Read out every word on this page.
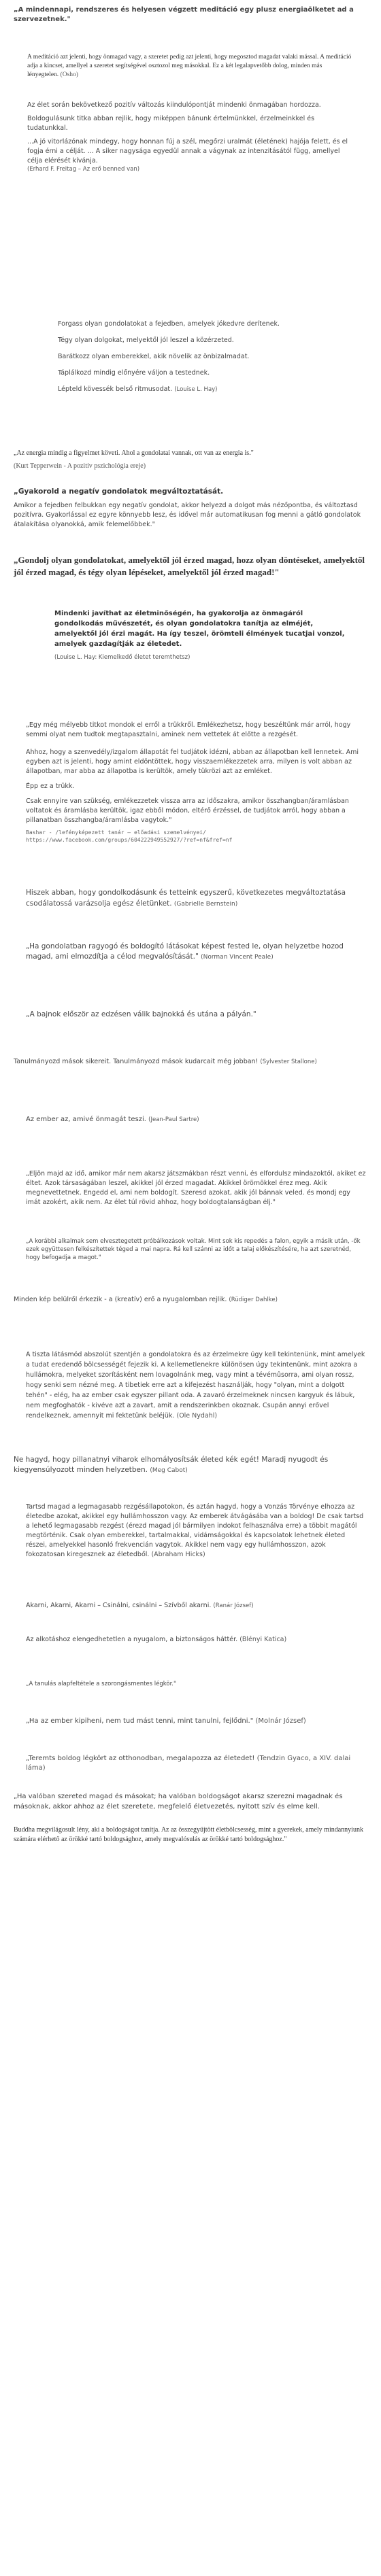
„A mindennapi, rendszeres és helyesen végzett meditáció egy plusz energiaölketet ad a szervezetnek."

A meditáció azt jelenti, hogy önmagad vagy, a szeretet pedig azt jelenti, hogy megosztod magadat valaki mással. A meditáció adja a kincset, amellyel a szeretet segítségével osztozol meg másokkal. Ez a két legalapvetőbb dolog, minden más lényegtelen. (Osho)

Az élet során bekövetkező pozitív változás kiindulópontját mindenki önmagában hordozza.

Boldogulásunk titka abban rejlik, hogy miképpen bánunk értelmünkkel, érzelmeinkkel és tudatunkkal.

...A jó vitorlázónak mindegy, hogy honnan fúj a szél, megőrzi uralmát (életének) hajója felett, és el fogja érni a célját. ... A siker nagysága egyedül annak a vágynak az intenzitásától függ, amellyel célja elérését kívánja.

(Erhard F. Freitag – Az erő benned van)

Forgass olyan gondolatokat a fejedben, amelyek jókedvre derítenek.

Tégy olyan dolgokat, melyektől jól leszel a közérzeted.

Barátkozz olyan emberekkel, akik növelik az önbizalmadat.

Táplálkozd mindig előnyére váljon a testednek.

Lépteld kövessék belső ritmusodat. (Louise L. Hay)

„Az energia mindig a figyelmet követi. Ahol a gondolatai vannak, ott van az energia is."

(Kurt Tepperwein - A pozitív pszichológia ereje)

„Gyakorold a negatív gondolatok megváltoztatását.

Amikor a fejedben felbukkan egy negatív gondolat, akkor helyezd a dolgot más nézőpontba, és változtasd pozitívra. Gyakorlással ez egyre könnyebb lesz, és idővel már automatikusan fog menni a gátló gondolatok átalakítása olyanokká, amik felemelőbbek."

„Gondolj olyan gondolatokat, amelyektől jól érzed magad, hozz olyan döntéseket, amelyektől jól érzed magad, és tégy olyan lépéseket, amelyektől jól érzed magad!"

Mindenki javíthat az életminőségén, ha gyakorolja az önmagáról gondolkodás művészetét, és olyan gondolatokra tanítja az elméjét, amelyektől jól érzi magát. Ha így teszel, örömteli élmények tucatjai vonzol, amelyek gazdagítják az életedet.

(Louise L. Hay: Kiemelkedő életet teremthetsz)

„Egy még mélyebb titkot mondok el erről a trükkről. Emlékezhetsz, hogy beszéltünk már arról, hogy semmi olyat nem tudtok megtapasztalni, aminek nem vettetek át előtte a rezgését.

Ahhoz, hogy a szenvedély/izgalom állapotát fel tudjátok idézni, abban az állapotban kell lennetek. Ami egyben azt is jelenti, hogy amint eldöntöttek, hogy visszaemlékezzetek arra, milyen is volt abban az állapotban, mar abba az állapotba is kerültök, amely tükrözi azt az emléket.

Épp ez a trükk.

Csak ennyire van szükség, emlékezzetek vissza arra az időszakra, amikor összhangban/áramlásban voltatok és áramlásba kerültök, igaz ebből módon, eltérő érzéssel, de tudjátok arról, hogy abban a pillanatban összhangba/áramlásba vagytok."

Bashar - /lefényképezett tanár – előadási szemelvényei/

https://www.facebook.com/groups/604222949552927/?ref=nf&fref=nf

Hiszek abban, hogy gondolkodásunk és tetteink egyszerű, következetes megváltoztatása csodálatossá varázsolja egész életünket. (Gabrielle Bernstein)

„Ha gondolatban ragyogó és boldogító látásokat képest fested le, olyan helyzetbe hozod magad, ami elmozdítja a célod megvalósítását." (Norman Vincent Peale)

„A bajnok először az edzésen válik bajnokká és utána a pályán."

Tanulmányozd mások sikereit. Tanulmányozd mások kudarcait még jobban! (Sylvester Stallone)

Az ember az, amivé önmagát teszi. (Jean-Paul Sartre)

„Eljön majd az idő, amikor már nem akarsz játszmákban részt venni, és elfordulsz mindazoktól, akiket ez éltet. Azok társaságában leszel, akikkel jól érzed magadat. Akikkel örömökkel érez meg. Akik megnevettetnek. Engedd el, ami nem boldogít. Szeresd azokat, akik jól bánnak veled. és mondj egy imát azokért, akik nem. Az élet túl rövid ahhoz, hogy boldogtalanságban élj."

„A korábbi alkalmak sem elvesztegetett próbálkozások voltak. Mint sok kis repedés a falon, egyik a másik után, -ők ezek együttesen felkészítettek téged a mai napra. Rá kell szánni az időt a talaj előkészítésére, ha azt szeretnéd, hogy befogadja a magot."

Minden kép belülről érkezik - a (kreatív) erő a nyugalomban rejlik. (Rüdiger Dahlke)

A tiszta látásmód abszolút szentjén a gondolatokra és az érzelmekre úgy kell tekintenünk, mint amelyek a tudat eredendő bölcsességét fejezik ki. A kellemetlenekre különösen úgy tekintenünk, mint azokra a hullámokra, melyeket szorításként nem lovagolnánk meg, vagy mint a tévémûsorra, ami olyan rossz, hogy senki sem nézné meg. A tibetiek erre azt a kifejezést használják, hogy "olyan, mint a dolgott tehén" - elég, ha az ember csak egyszer pillant oda. A zavaró érzelmeknek nincsen kargyuk és lábuk, nem megfoghatók - kivéve azt a zavart, amit a rendszerinkben okoznak. Csupán annyi erővel rendelkeznek, amennyit mi fektetünk beléjük. (Ole Nydahl)

Ne hagyd, hogy pillanatnyi viharok elhomályosítsák életed kék egét! Maradj nyugodt és kiegyensúlyozott minden helyzetben. (Meg Cabot)

Tartsd magad a legmagasabb rezgésállapotokon, és aztán hagyd, hogy a Vonzás Törvénye elhozza az életedbe azokat, akikkel egy hullámhosszon vagy. Az emberek átvágásába van a boldog! De csak tartsd a lehető legmagasabb rezgést (érezd magad jól bármilyen indokot felhasználva erre) a többit magától megtörténik. Csak olyan emberekkel, tartalmakkal, vidámságokkal és kapcsolatok lehetnek életed részei, amelyekkel hasonló frekvencián vagytok. Akikkel nem vagy egy hullámhosszon, azok fokozatosan kiregesznek az életedből. (Abraham Hicks)

Akarni, Akarni, Akarni – Csinálni, csinálni – Szívből akarni. (Ranár József)

Az alkotáshoz elengedhetetlen a nyugalom, a biztonságos háttér. (Blényi Katica)

„A tanulás alapfeltétele a szorongásmentes légkör."

„Ha az ember kipiheni, nem tud mást tenni, mint tanulni, fejlődni." (Molnár József)

„Teremts boldog légkört az otthonodban, megalapozza az életedet! (Tendzin Gyaco, a XIV. dalai láma)

„Ha valóban szereted magad és másokat; ha valóban boldogságot akarsz szerezni magadnak és másoknak, akkor ahhoz az élet szeretete, megfelelő életvezetés, nyitott szív és elme kell.

Buddha megvilágosult lény, aki a boldogságot tanítja. Az az összegyűjtött életbölcsesség, mint a gyerekek, amely mindannyiunk számára elérhető az örökké tartó boldogsághoz, amely megvalósulás az örökké tartó boldogsághoz."
